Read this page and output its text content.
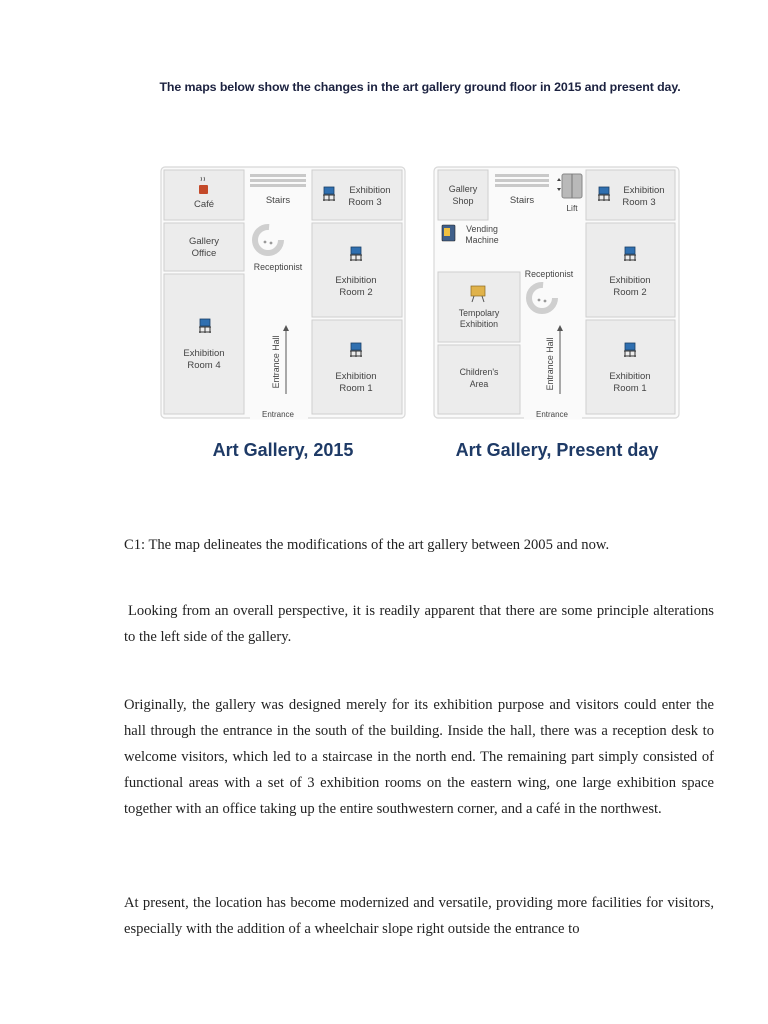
The maps below show the changes in the art gallery ground floor in 2015 and present day.
Café
Gallery
Office
Exhibition
Room 4
Stairs
Receptionist
Entrance Hall
Entrance
Exhibition
Room 3
Exhibition
Room 2
Exhibition
Room 1
Art Gallery, 2015
Gallery
Shop	Stairs
Lift
Vending
Machine
Tempolary
Exhibition
Children's
Area
Receptionist
Entrance Hall
Entrance
Exhibition
Room 3
Exhibition
Room 2
Exhibition
Room 1
Art Gallery, Present day

C1: The map delineates the modifications of the art gallery between 2005 and now.

Looking from an overall perspective, it is readily apparent that there are some principle alterations to the left side of the gallery.

Originally, the gallery was designed merely for its exhibition purpose and visitors could enter the hall through the entrance in the south of the building. Inside the hall, there was a reception desk to welcome visitors, which led to a staircase in the north end. The remaining part simply consisted of functional areas with a set of 3 exhibition rooms on the eastern wing, one large exhibition space together with an office taking up the entire southwestern corner, and a café in the northwest.

At present, the location has become modernized and versatile, providing more facilities for visitors, especially with the addition of a wheelchair slope right outside the entrance to
